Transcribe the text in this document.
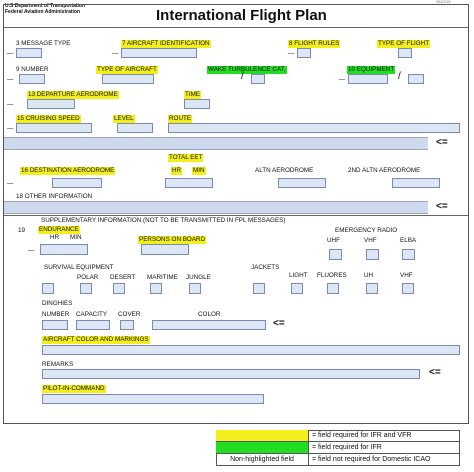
U.S Department of Transportation
Federal Aviation Administration	International Flight Plan
08/2015
3 MESSAGE TYPE	7 AIRCRAFT IDENTIFICATION	8 FLIGHT RULES	TYPE OF FLIGHT
—	—	—
9 NUMBER	TYPE OF AIRCRAFT	WAKE TURBULENCE CAT.	10 EQUIPMENT
—	/	—	/
13 DEPARTURE AERODROME	TIME
—
15 CRUISING SPEED	LEVEL	ROUTE
—
<=
TOTAL EET
16 DESTINATION AERODROME	HR MIN	ALTN AERODROME	2ND ALTN AERODROME
—
18 OTHER INFORMATION
<=
SUPPLEMENTARY INFORMATION (NOT TO BE TRANSMITTED IN FPL MESSAGES)
EMERGENCY RADIO
19 ENDURANCE
HR MIN	PERSONS ON BOARD	UHF	VHF	ELBA
—
SURVIVAL EQUIPMENT	JACKETS
POLAR DESERT MARITIME JUNGLE	LIGHT FLUORES	UH	VHF
DINGHIES
NUMBER CAPACITY COVER	COLOR
<=
AIRCRAFT COLOR AND MARKINGS
REMARKS
<=
PILOT-IN-COMMAND
= field required for IFR and VFR
= field required for IFR
Non-highlighted field	= field not required for Domestic ICAO
